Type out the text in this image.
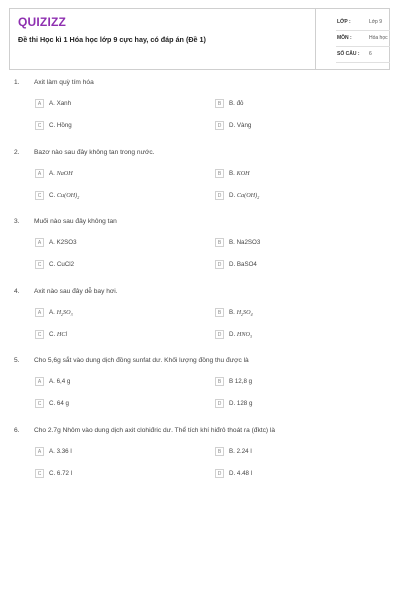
QUIZIZZ
Đề thi Học kì 1 Hóa học lớp 9 cực hay, có đáp án (Đề 1)
LỚP :	Lớp 9
MÔN :	Hóa học
SỐ CÂU : 6
1. Axit làm quỳ tím hóa
A	A. Xanh	B	B. đỏ
C	C. Hồng	D	D. Vàng
2. Bazơ nào sau đây không tan trong nước.
A	A. NaOH	B	B. KOH
C	C. $Cu(OH)_2$	D	D. $Ca(OH)_2$
3. Muối nào sau đây không tan
A	A. K2SO3	B	B. Na2SO3
C	C. CuCl2	D	D. BaSO4
4. Axit nào sau đây dễ bay hơi.
A	A. $H_2SO_3$	B	B. $H_2SO_4$
C	C. HCl	D	D. $HNO_3$
5. Cho 5,6g sắt vào dung dịch đồng sunfat dư. Khối lượng đồng thu được là
A	A. 6,4 g	B	B 12,8 g
C	C. 64 g	D	D. 128 g
6. Cho 2.7g Nhôm vào dung dịch axit clohiđric dư. Thể tích khí hiđrô thoát ra (đktc) là
A	A. 3.36 l	B	B. 2.24 l
C	C. 6.72 l	D	D. 4.48 l
